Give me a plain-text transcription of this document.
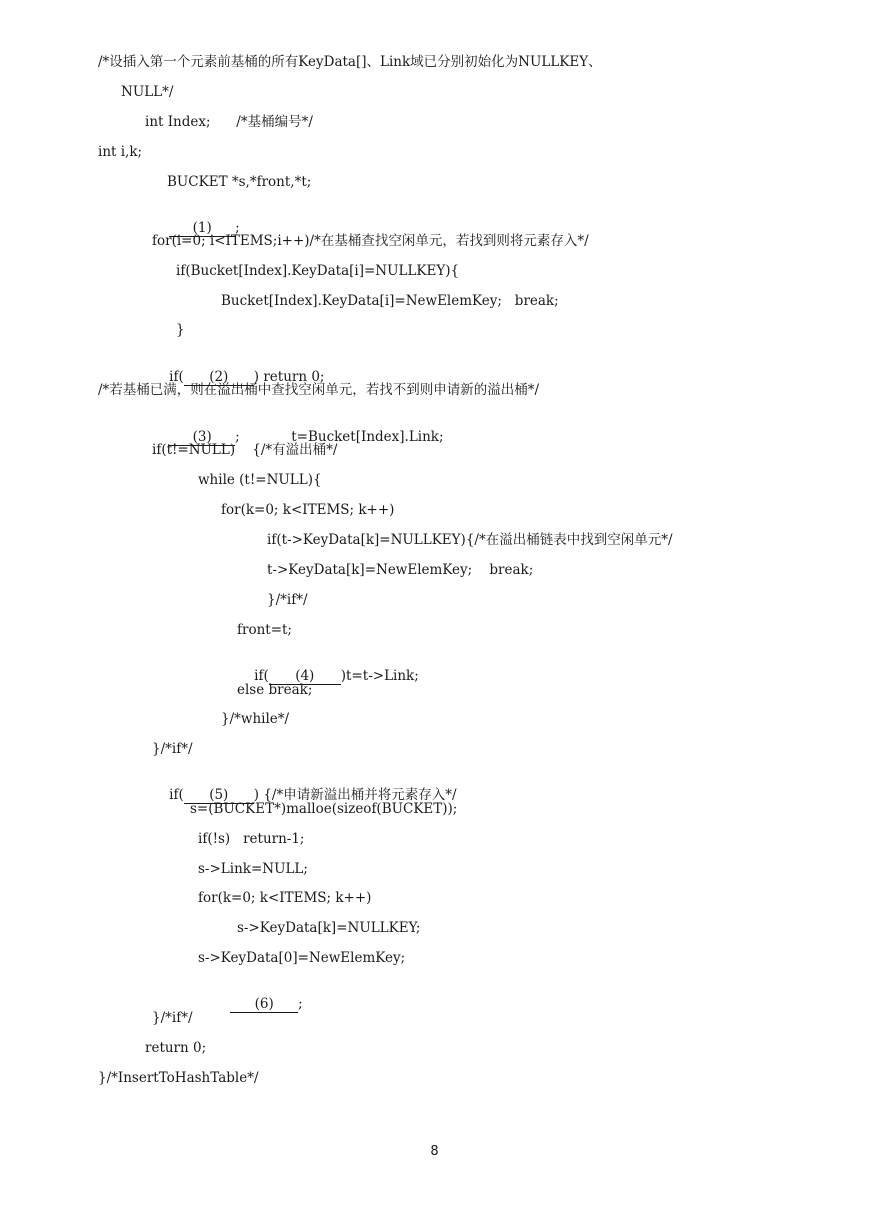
/*设插入第一个元素前基桶的所有KeyData[]、Link域已分别初始化为NULLKEY、
NULL*/
int Index;      /*基桶编号*/
int i,k;
BUCKET *s,*front,*t;

(1) ;

for(i=0; i<ITEMS;i++)/*在基桶查找空闲单元，若找到则将元素存入*/
if(Bucket[Index].KeyData[i]=NULLKEY){
Bucket[Index].KeyData[i]=NewElemKey;   break;
}

if( (2) ) return 0;

/*若基桶已满，则在溢出桶中查找空闲单元，若找不到则申请新的溢出桶*/

(3) ;            t=Bucket[Index].Link;

if(t!=NULL)    {/*有溢出桶*/
while (t!=NULL){
for(k=0; k<ITEMS; k++)
if(t->KeyData[k]=NULLKEY){/*在溢出桶链表中找到空闲单元*/
t->KeyData[k]=NewElemKey;    break;
}/*if*/
front=t;

if( (4) )t=t->Link;

else break;
}/*while*/
}/*if*/

if( (5) ) {/*申请新溢出桶并将元素存入*/

s=(BUCKET*)malloe(sizeof(BUCKET));
if(!s)   return-1;
s->Link=NULL;
for(k=0; k<ITEMS; k++)
s->KeyData[k]=NULLKEY;
s->KeyData[0]=NewElemKey;

(6) ;

}/*if*/
return 0;
}/*InsertToHashTable*/
8
